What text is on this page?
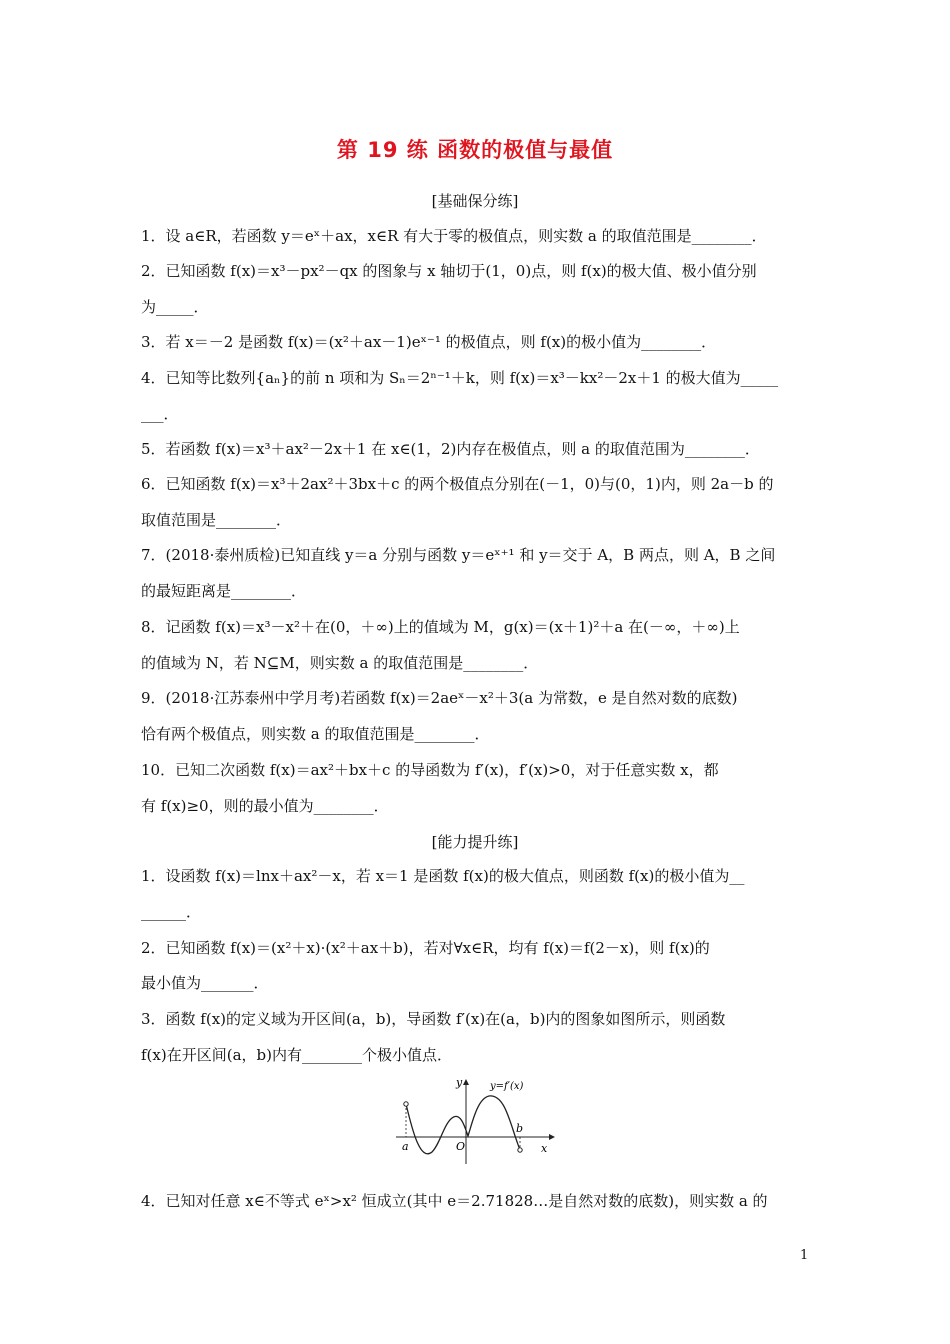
第 19 练 函数的极值与最值
[基础保分练]
1．设 a∈R，若函数 y＝eˣ＋ax，x∈R 有大于零的极值点，则实数 a 的取值范围是________．
2．已知函数 f(x)＝x³－px²－qx 的图象与 x 轴切于(1，0)点，则 f(x)的极大值、极小值分别
为_____．
3．若 x＝－2 是函数 f(x)＝(x²＋ax－1)eˣ⁻¹ 的极值点，则 f(x)的极小值为________．
4．已知等比数列{aₙ}的前 n 项和为 Sₙ＝2ⁿ⁻¹＋k，则 f(x)＝x³－kx²－2x＋1 的极大值为_____
___．
5．若函数 f(x)＝x³＋ax²－2x＋1 在 x∈(1，2)内存在极值点，则 a 的取值范围为________．
6．已知函数 f(x)＝x³＋2ax²＋3bx＋c 的两个极值点分别在(－1，0)与(0，1)内，则 2a－b 的
取值范围是________．
7．(2018·泰州质检)已知直线 y＝a 分别与函数 y＝eˣ⁺¹ 和 y＝交于 A，B 两点，则 A，B 之间
的最短距离是________．
8．记函数 f(x)＝x³－x²＋在(0，＋∞)上的值域为 M，g(x)＝(x＋1)²＋a 在(－∞，＋∞)上
的值域为 N，若 N⊆M，则实数 a 的取值范围是________．
9．(2018·江苏泰州中学月考)若函数 f(x)＝2aeˣ－x²＋3(a 为常数，e 是自然对数的底数)
恰有两个极值点，则实数 a 的取值范围是________．
10．已知二次函数 f(x)＝ax²＋bx＋c 的导函数为 f′(x)，f′(x)>0，对于任意实数 x，都
有 f(x)≥0，则的最小值为________．
[能力提升练]
1．设函数 f(x)＝lnx＋ax²－x，若 x＝1 是函数 f(x)的极大值点，则函数 f(x)的极小值为__
______．
2．已知函数 f(x)＝(x²＋x)·(x²＋ax＋b)，若对∀x∈R，均有 f(x)＝f(2－x)，则 f(x)的
最小值为_______．
3．函数 f(x)的定义域为开区间(a，b)，导函数 f′(x)在(a，b)内的图象如图所示，则函数
f(x)在开区间(a，b)内有________个极小值点．
y
x
y=f′(x)
a
b
O
4．已知对任意 x∈不等式 eˣ>x² 恒成立(其中 e＝2.71828…是自然对数的底数)，则实数 a 的
1
